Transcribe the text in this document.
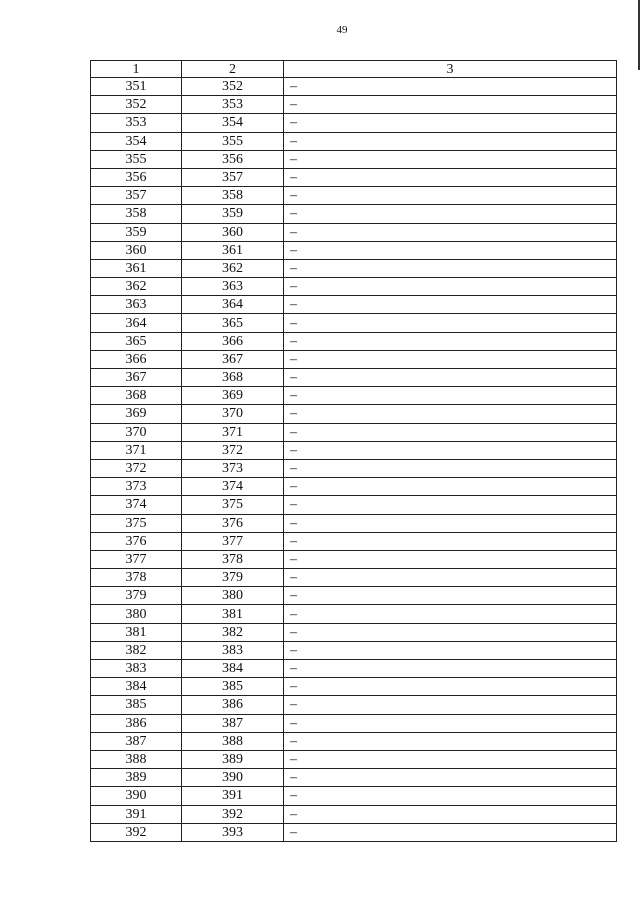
49
1	2	3
351	352	–
352	353	–
353	354	–
354	355	–
355	356	–
356	357	–
357	358	–
358	359	–
359	360	–
360	361	–
361	362	–
362	363	–
363	364	–
364	365	–
365	366	–
366	367	–
367	368	–
368	369	–
369	370	–
370	371	–
371	372	–
372	373	–
373	374	–
374	375	–
375	376	–
376	377	–
377	378	–
378	379	–
379	380	–
380	381	–
381	382	–
382	383	–
383	384	–
384	385	–
385	386	–
386	387	–
387	388	–
388	389	–
389	390	–
390	391	–
391	392	–
392	393	–
